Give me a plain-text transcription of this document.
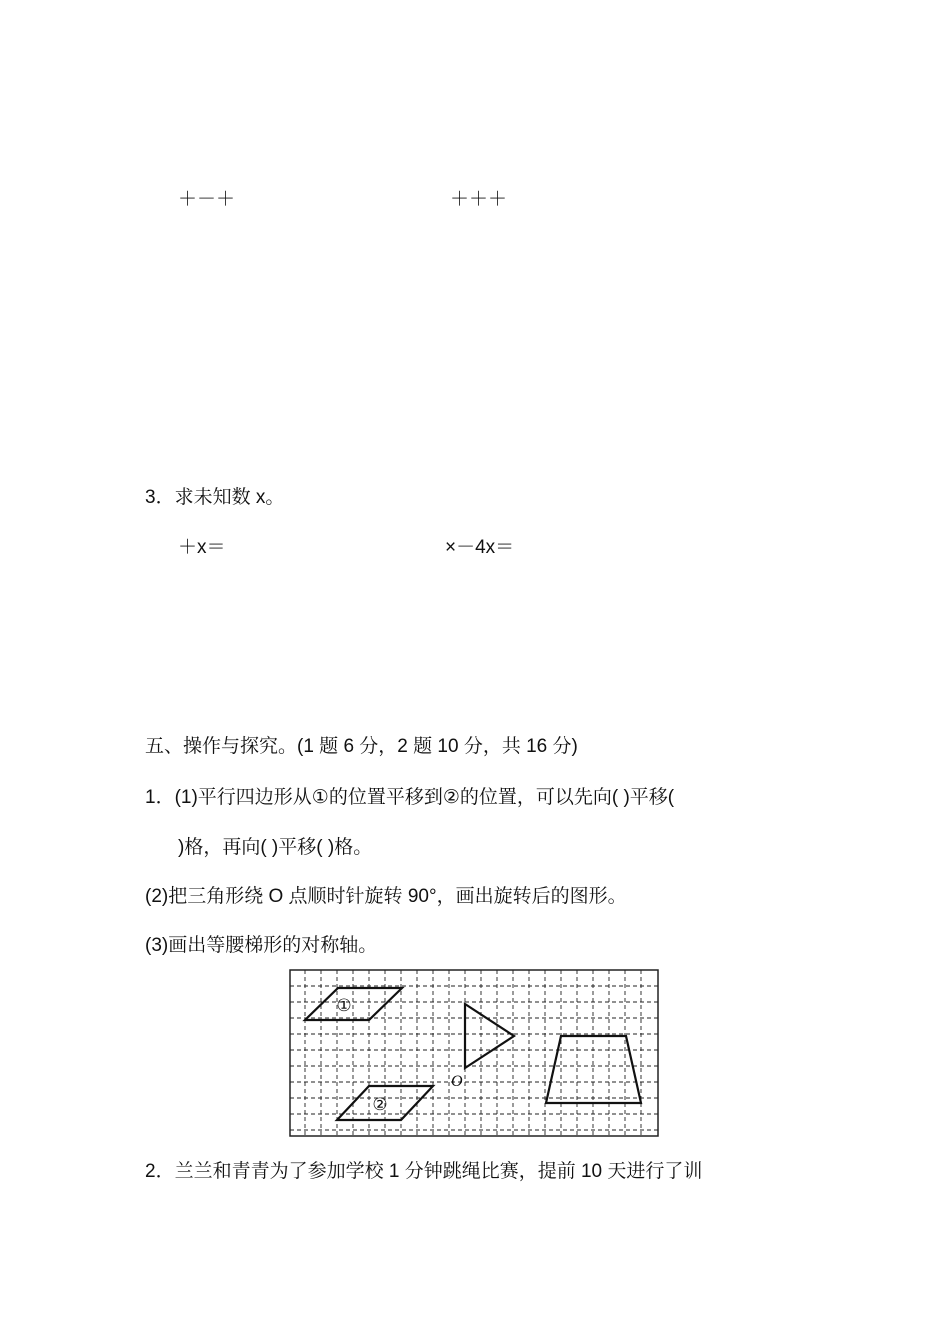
＋－＋	＋＋＋
3．求未知数 x。
＋x＝	×－4x＝
五、操作与探究。(1 题 6 分，2 题 10 分，共 16 分)
1．(1)平行四边形从①的位置平移到②的位置，可以先向( )平移(
)格，再向( )平移( )格。
(2)把三角形绕 O 点顺时针旋转 90°，画出旋转后的图形。
(3)画出等腰梯形的对称轴。
①
②
O
2．兰兰和青青为了参加学校 1 分钟跳绳比赛，提前 10 天进行了训
